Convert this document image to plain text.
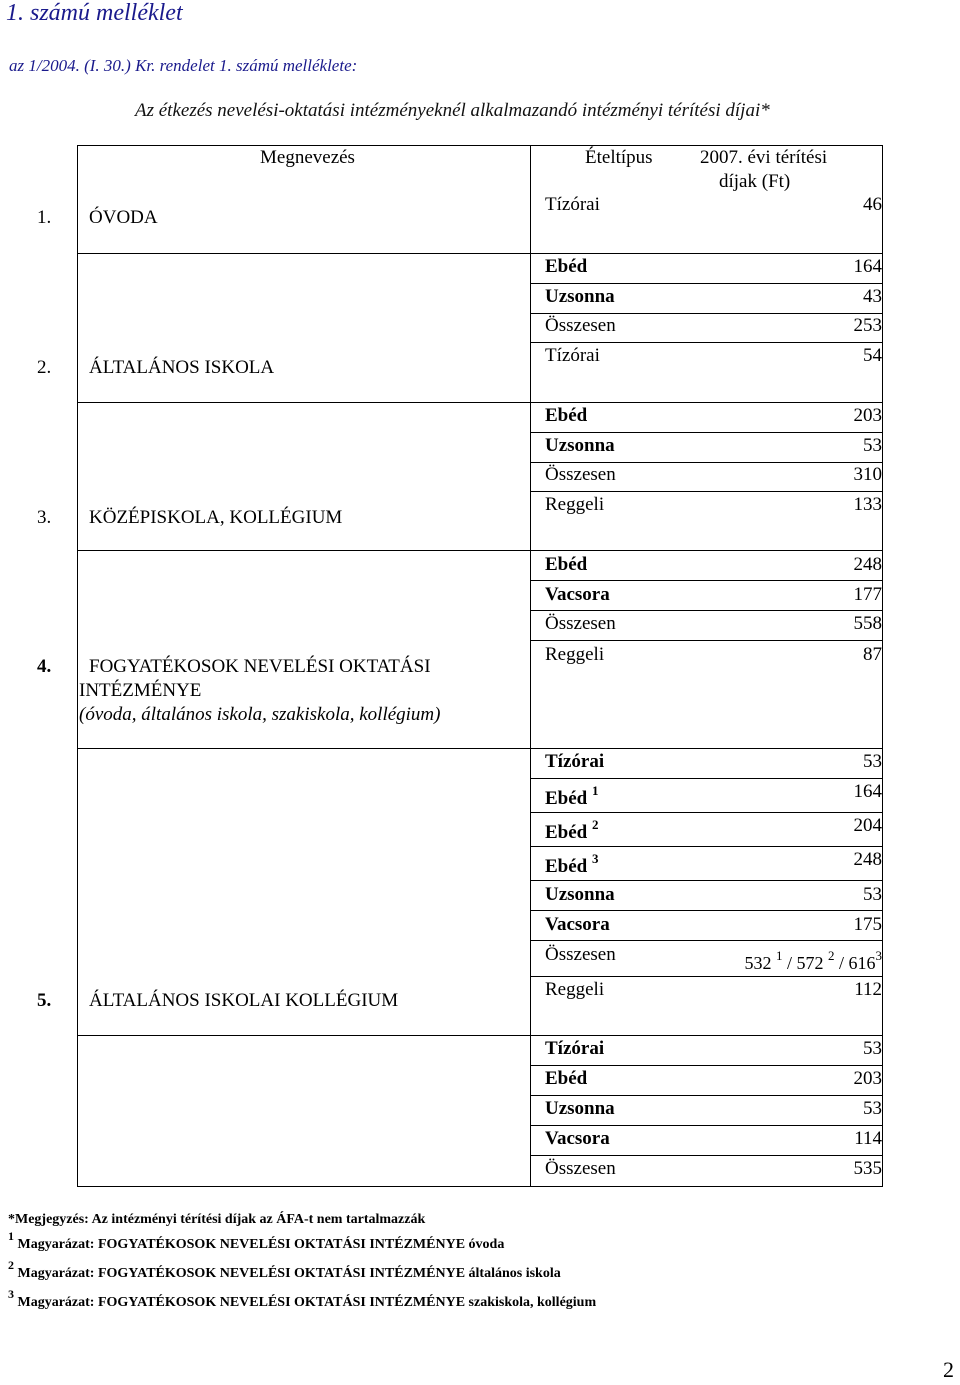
1. számú melléklet
az 1/2004. (I. 30.) Kr. rendelet 1. számú melléklete:
Az étkezés nevelési-oktatási intézményeknél alkalmazandó intézményi térítési díjai*
Megnevezés	Ételtípus 2007. évi térítési
díjak (Ft)
1. ÓVODA
Tízórai	46
Ebéd	164
Uzsonna	43
Összesen	253
2. ÁLTALÁNOS ISKOLA
Tízórai	54
Ebéd	203
Uzsonna	53
Összesen	310
3. KÖZÉPISKOLA, KOLLÉGIUM
Reggeli	133
Ebéd	248
Vacsora	177
Összesen	558
4. FOGYATÉKOSOK NEVELÉSI OKTATÁSI
INTÉZMÉNYE
(óvoda, általános iskola, szakiskola, kollégium)
Reggeli	87
Tízórai	53
Ebéd $^1$	164
Ebéd $^2$	204
Ebéd $^3$	248
Uzsonna	53
Vacsora	175
Összesen	532 $^1$ / 572 $^2 / 616^3$
5. ÁLTALÁNOS ISKOLAI KOLLÉGIUM
Reggeli	112
Tízórai	53
Ebéd	203
Uzsonna	53
Vacsora	114
Összesen	535
*Megjegyzés: Az intézményi térítési díjak az ÁFA-t nem tartalmazzák
$^1$ Magyarázat: FOGYATÉKOSOK NEVELÉSI OKTATÁSI INTÉZMÉNYE óvoda
$^2$ Magyarázat: FOGYATÉKOSOK NEVELÉSI OKTATÁSI INTÉZMÉNYE általános iskola
$^3$ Magyarázat: FOGYATÉKOSOK NEVELÉSI OKTATÁSI INTÉZMÉNYE szakiskola, kollégium
2
